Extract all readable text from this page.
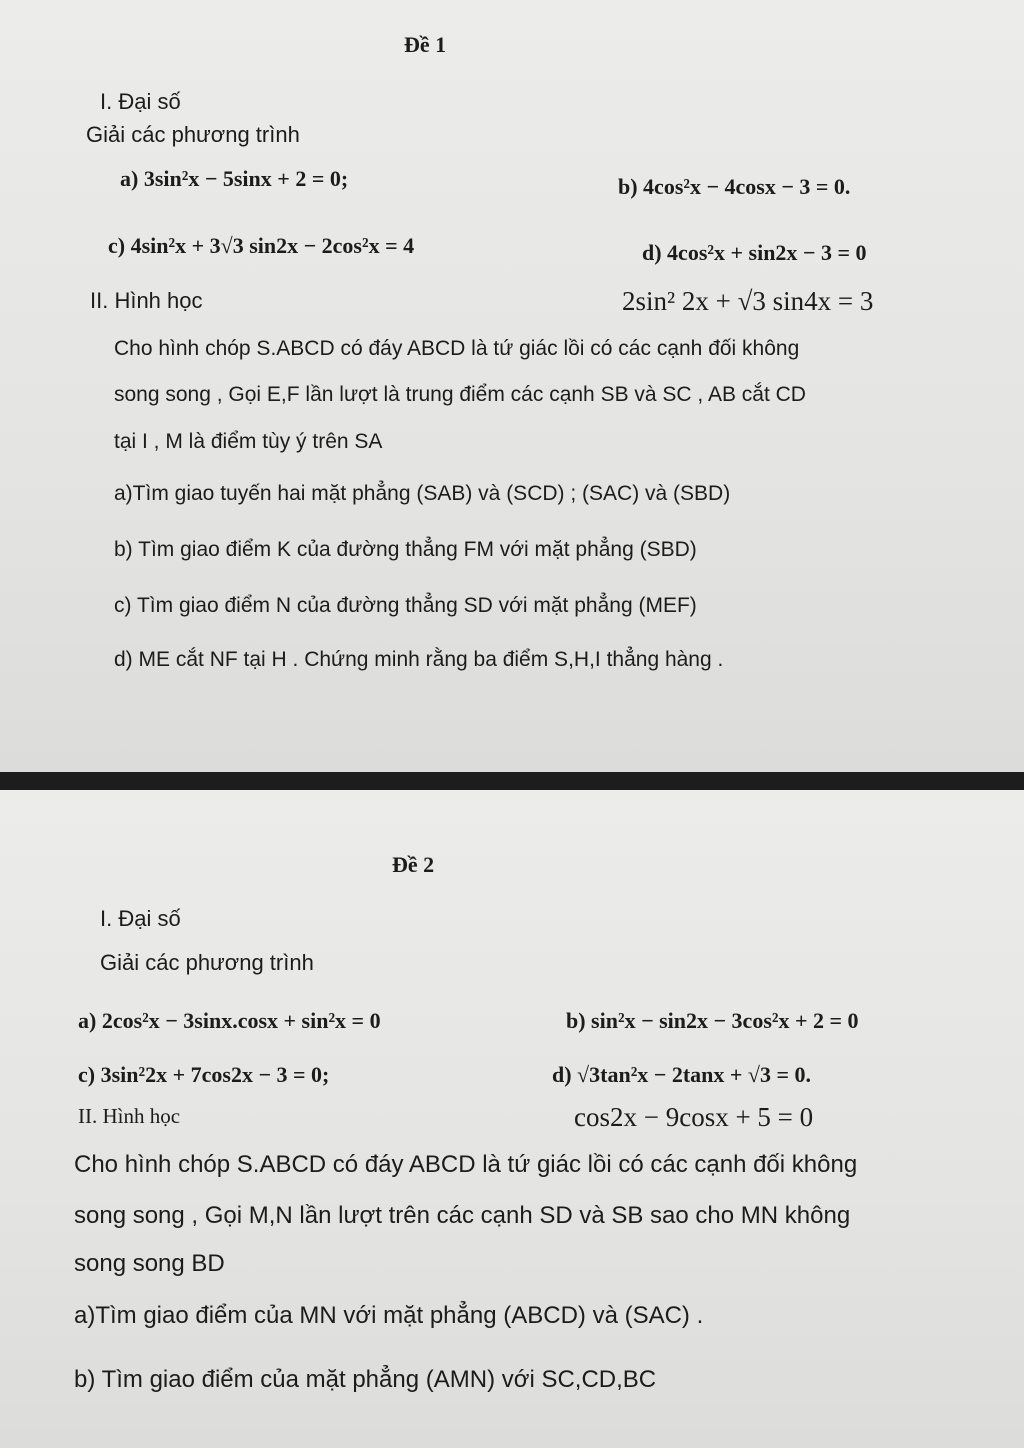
Đề 1
I. Đại số
Giải các phương trình
a) 3sin²x − 5sinx + 2 = 0;	b) 4cos²x − 4cosx − 3 = 0.
c) 4sin²x + 3√3 sin2x − 2cos²x = 4	d) 4cos²x + sin2x − 3 = 0
II. Hình học	2sin² 2x + √3 sin4x = 3
Cho hình chóp S.ABCD có đáy ABCD là tứ giác lồi có các cạnh đối không
song song , Gọi E,F lần lượt là trung điểm các cạnh SB và SC , AB cắt CD
tại I , M là điểm tùy ý trên SA
a)Tìm giao tuyến hai mặt phẳng (SAB) và (SCD) ; (SAC) và (SBD)
b) Tìm giao điểm K của đường thẳng FM với mặt phẳng (SBD)
c) Tìm giao điểm N của đường thẳng SD với mặt phẳng (MEF)
d) ME cắt NF tại H . Chứng minh rằng ba điểm S,H,I thẳng hàng .
Đề 2
I. Đại số
Giải các phương trình
a) 2cos²x − 3sinx.cosx + sin²x = 0	b) sin²x − sin2x − 3cos²x + 2 = 0
c) 3sin²2x + 7cos2x − 3 = 0;	d) √3tan²x − 2tanx + √3 = 0.
II. Hình học	cos2x − 9cosx + 5 = 0
Cho hình chóp S.ABCD có đáy ABCD là tứ giác lồi có các cạnh đối không
song song , Gọi M,N lần lượt trên các cạnh SD và SB sao cho MN không
song song BD
a)Tìm giao điểm của MN với mặt phẳng (ABCD) và (SAC) .
b) Tìm giao điểm của mặt phẳng (AMN) với SC,CD,BC
